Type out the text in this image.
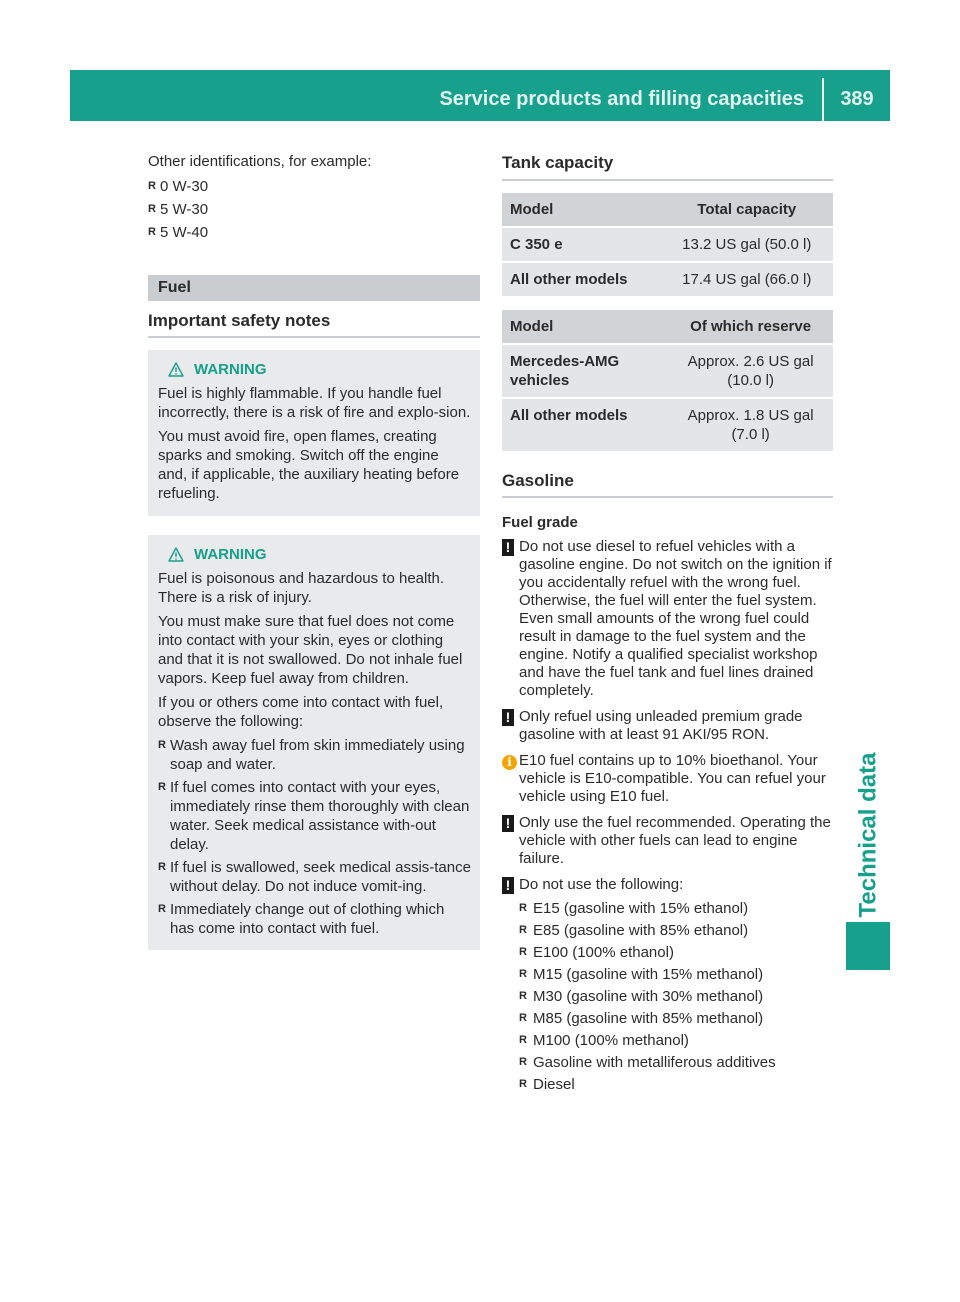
Service products and filling capacities	389
Technical data
Other identifications, for example:
R 0 W-30
R 5 W-30
R 5 W-40
Fuel
Important safety notes
WARNING
Fuel is highly flammable. If you handle fuel incorrectly, there is a risk of fire and explo-sion.
You must avoid fire, open flames, creating sparks and smoking. Switch off the engine and, if applicable, the auxiliary heating before refueling.
WARNING
Fuel is poisonous and hazardous to health. There is a risk of injury.
You must make sure that fuel does not come into contact with your skin, eyes or clothing and that it is not swallowed. Do not inhale fuel vapors. Keep fuel away from children.
If you or others come into contact with fuel, observe the following:
R Wash away fuel from skin immediately using soap and water.
R If fuel comes into contact with your eyes, immediately rinse them thoroughly with clean water. Seek medical assistance with-out delay.
R If fuel is swallowed, seek medical assis-tance without delay. Do not induce vomit-ing.
R Immediately change out of clothing which has come into contact with fuel.
Tank capacity
Model	Total capacity
C 350 e	13.2 US gal (50.0 l)
All other models	17.4 US gal (66.0 l)
Model	Of which reserve
Mercedes-AMG vehicles	Approx. 2.6 US gal (10.0 l)
All other models	Approx. 1.8 US gal (7.0 l)
Gasoline
Fuel grade
! Do not use diesel to refuel vehicles with a gasoline engine. Do not switch on the ignition if you accidentally refuel with the wrong fuel. Otherwise, the fuel will enter the fuel system. Even small amounts of the wrong fuel could result in damage to the fuel system and the engine. Notify a qualified specialist workshop and have the fuel tank and fuel lines drained completely.
! Only refuel using unleaded premium grade gasoline with at least 91 AKI/95 RON.
i E10 fuel contains up to 10% bioethanol. Your vehicle is E10-compatible. You can refuel your vehicle using E10 fuel.
! Only use the fuel recommended. Operating the vehicle with other fuels can lead to engine failure.
! Do not use the following:
R E15 (gasoline with 15% ethanol)
R E85 (gasoline with 85% ethanol)
R E100 (100% ethanol)
R M15 (gasoline with 15% methanol)
R M30 (gasoline with 30% methanol)
R M85 (gasoline with 85% methanol)
R M100 (100% methanol)
R Gasoline with metalliferous additives
R Diesel
